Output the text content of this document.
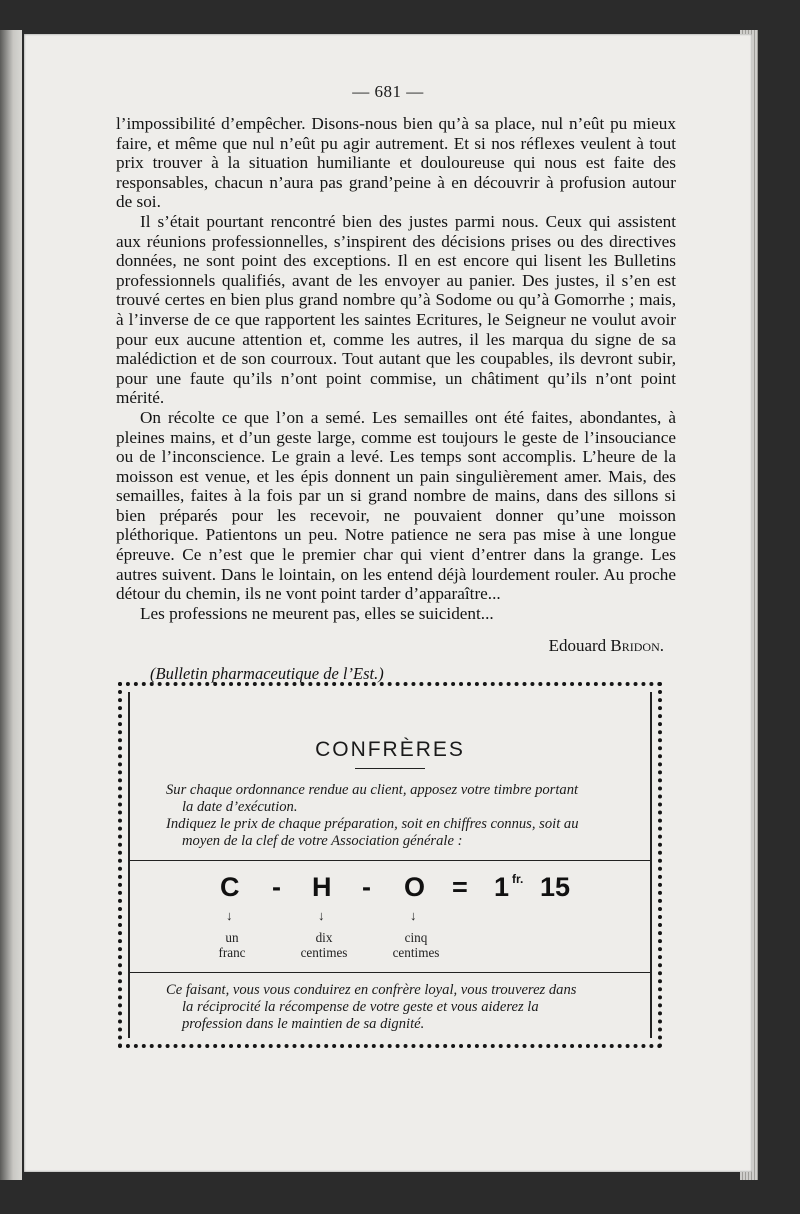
— 681 —

l’impossibilité d’empêcher. Disons-nous bien qu’à sa place, nul n’eût pu mieux faire, et même que nul n’eût pu agir autrement. Et si nos réflexes veulent à tout prix trouver à la situation humiliante et douloureuse qui nous est faite des responsables, chacun n’aura pas grand’peine à en découvrir à profusion autour de soi.

Il s’était pourtant rencontré bien des justes parmi nous. Ceux qui assistent aux réunions professionnelles, s’inspirent des décisions prises ou des directives données, ne sont point des exceptions. Il en est encore qui lisent les Bulletins professionnels qualifiés, avant de les envoyer au panier. Des justes, il s’en est trouvé certes en bien plus grand nombre qu’à Sodome ou qu’à Gomorrhe ; mais, à l’inverse de ce que rapportent les saintes Ecritures, le Seigneur ne voulut avoir pour eux aucune attention et, comme les autres, il les marqua du signe de sa malédiction et de son courroux. Tout autant que les coupables, ils devront subir, pour une faute qu’ils n’ont point commise, un châtiment qu’ils n’ont point mérité.

On récolte ce que l’on a semé. Les semailles ont été faites, abondantes, à pleines mains, et d’un geste large, comme est toujours le geste de l’insouciance ou de l’inconscience. Le grain a levé. Les temps sont accomplis. L’heure de la moisson est venue, et les épis donnent un pain singulièrement amer. Mais, des semailles, faites à la fois par un si grand nombre de mains, dans des sillons si bien préparés pour les recevoir, ne pouvaient donner qu’une moisson pléthorique. Patientons un peu. Notre patience ne sera pas mise à une longue épreuve. Ce n’est que le premier char qui vient d’entrer dans la grange. Les autres suivent. Dans le lointain, on les entend déjà lourdement rouler. Au proche détour du chemin, ils ne vont point tarder d’apparaître...

Les professions ne meurent pas, elles se suicident...

Edouard Bridon.
(Bulletin pharmaceutique de l’Est.)
CONFRÈRES
Sur chaque ordonnance rendue au client, apposez votre timbre portant
la date d’exécution.
Indiquez le prix de chaque préparation, soit en chiffres connus, soit au
moyen de la clef de votre Association générale :
C - H - O = 1 fr. 15
↓	↓	↓
un
franc
dix
centimes
cinq
centimes
Ce faisant, vous vous conduirez en confrère loyal, vous trouverez dans
la réciprocité la récompense de votre geste et vous aiderez la
profession dans le maintien de sa dignité.
